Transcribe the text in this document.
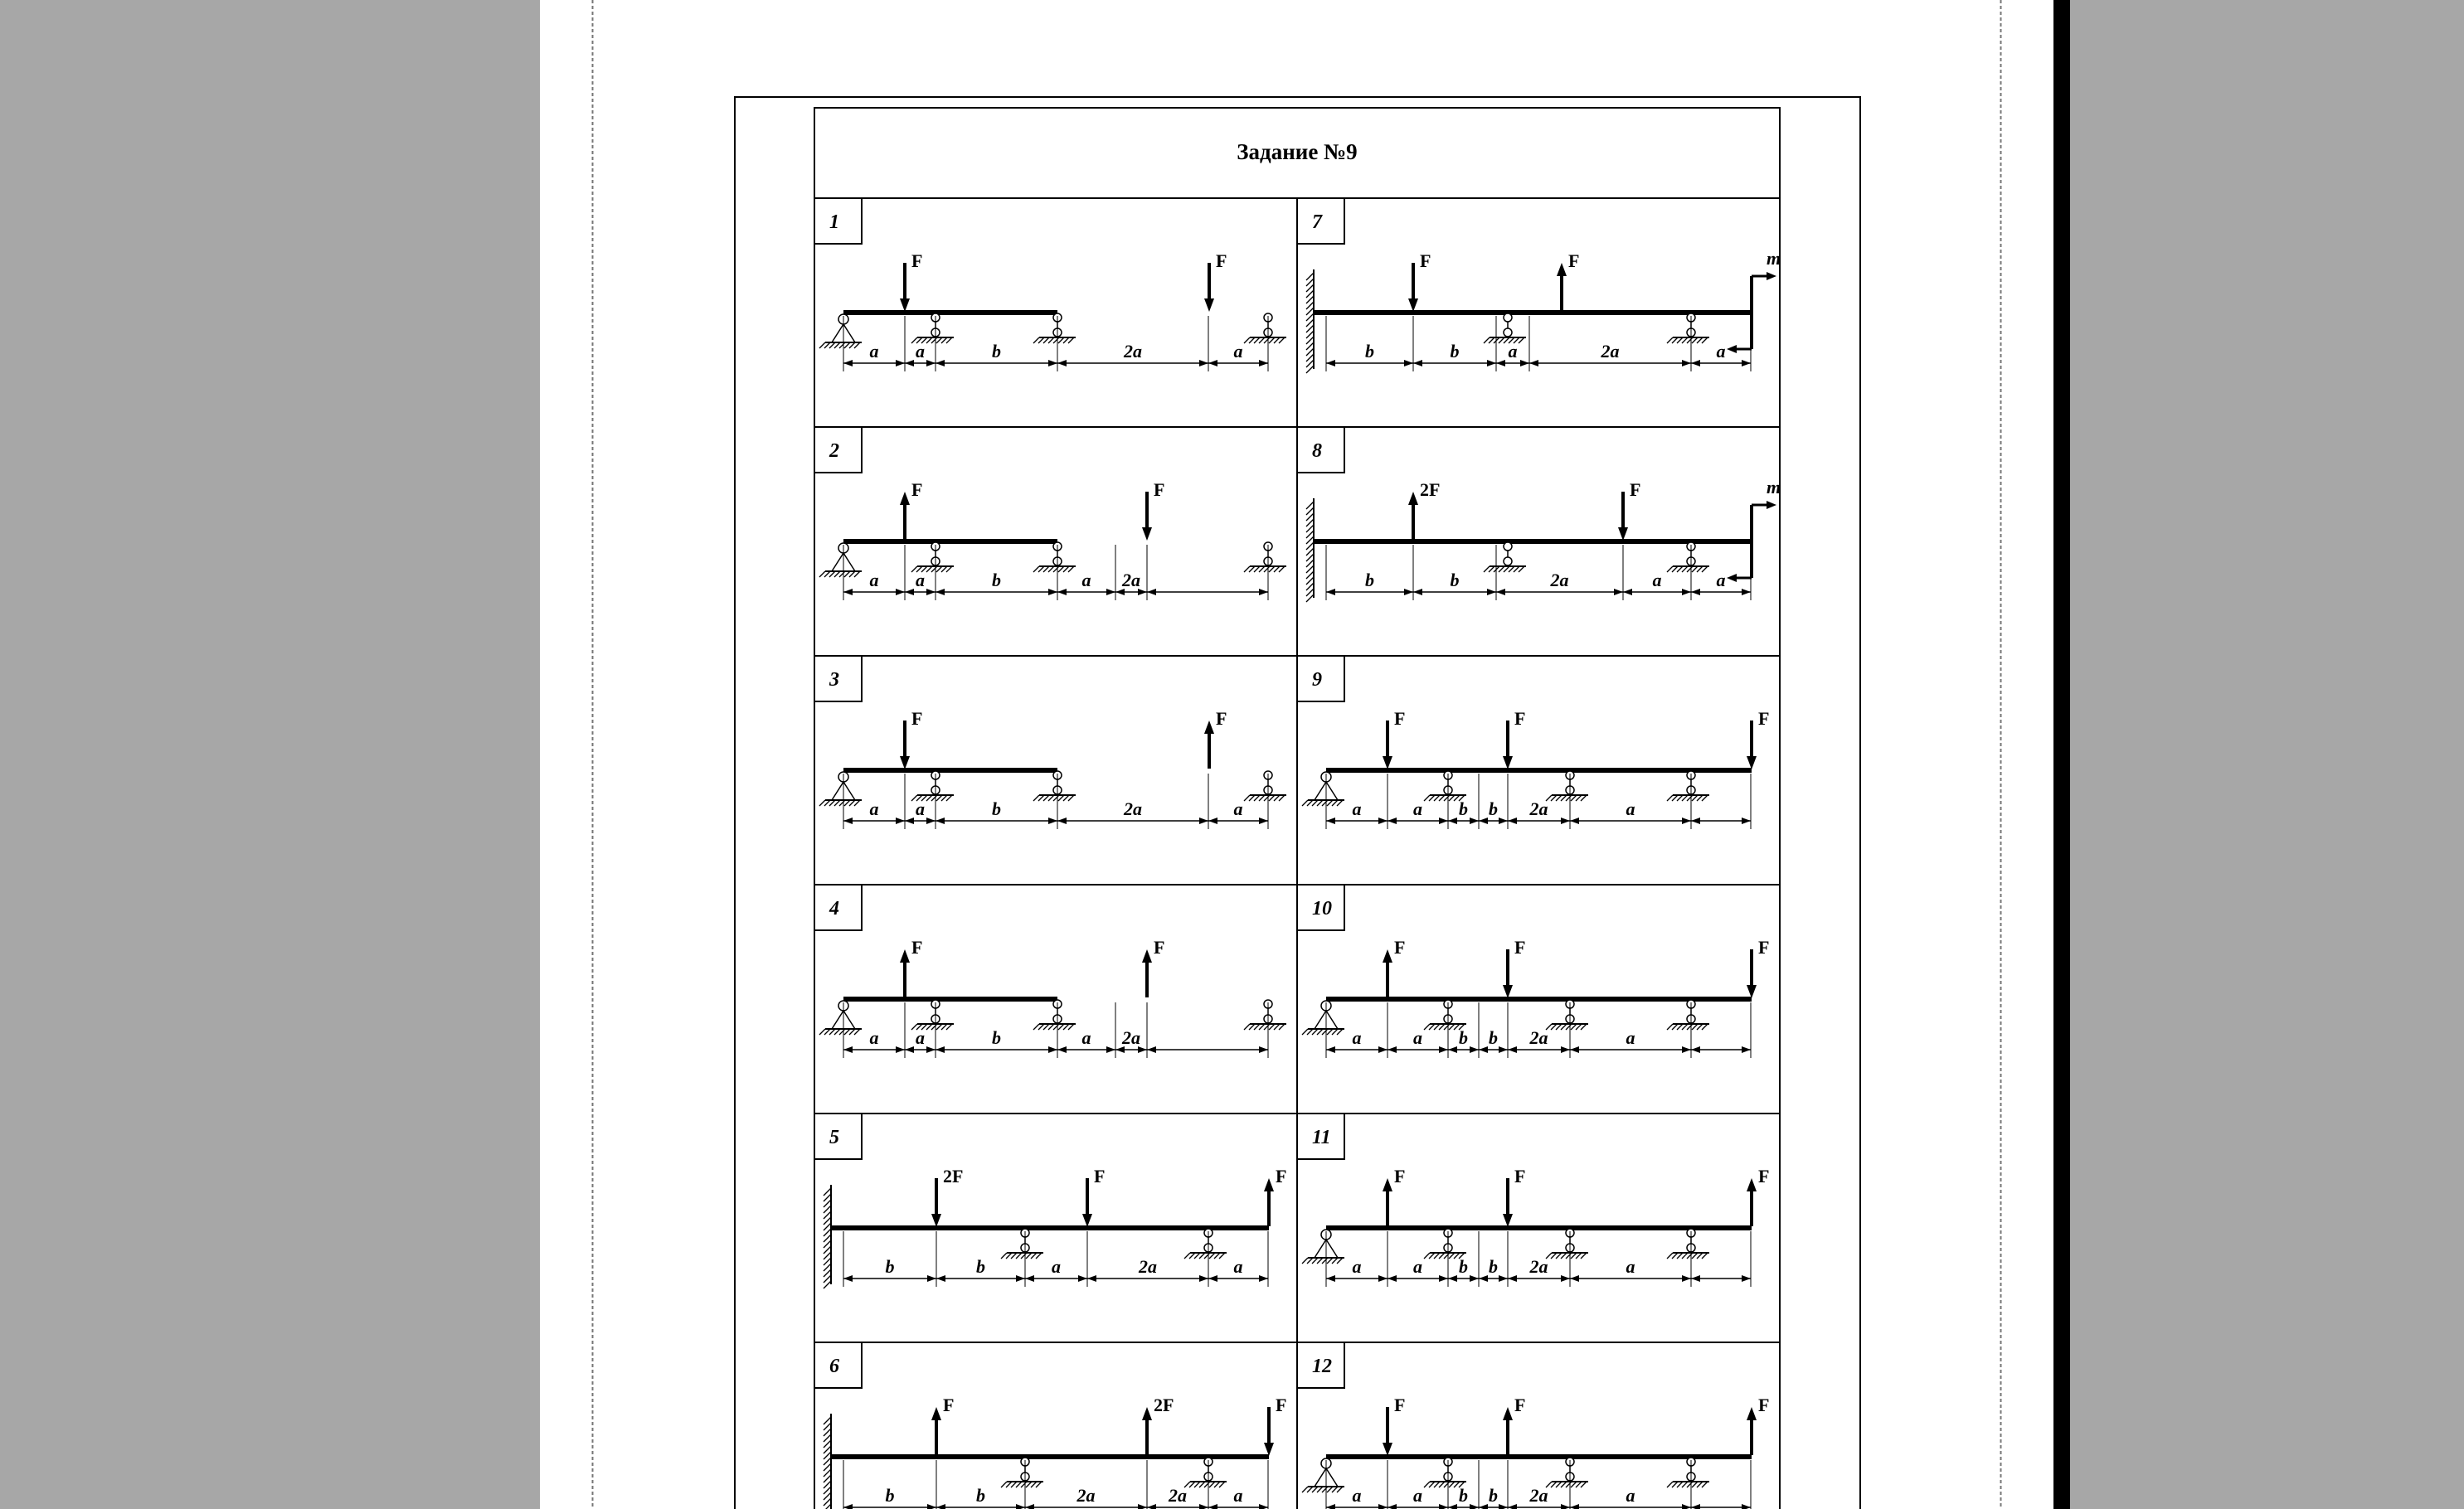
Задание №9
1
F	F
a a	b	2a	a
2
F	F
a a	b	a 2a
3
F	F
a a	b	2a	a
4
F	F
a a	b	a 2a
5
2F	F	F
b	b	a	2a	a
6
F	2F	F
b	b	2a	2a	a
7
F	F	m
b	b	a	2a	a
8
2F	F	m
b	b	2a	a	a
9
F	F	F
a	a b b 2a	a
10
F	F	F
a	a b b 2a	a
11
F	F	F
a	a b b 2a	a
12
F	F	F
a	a b b 2a	a
